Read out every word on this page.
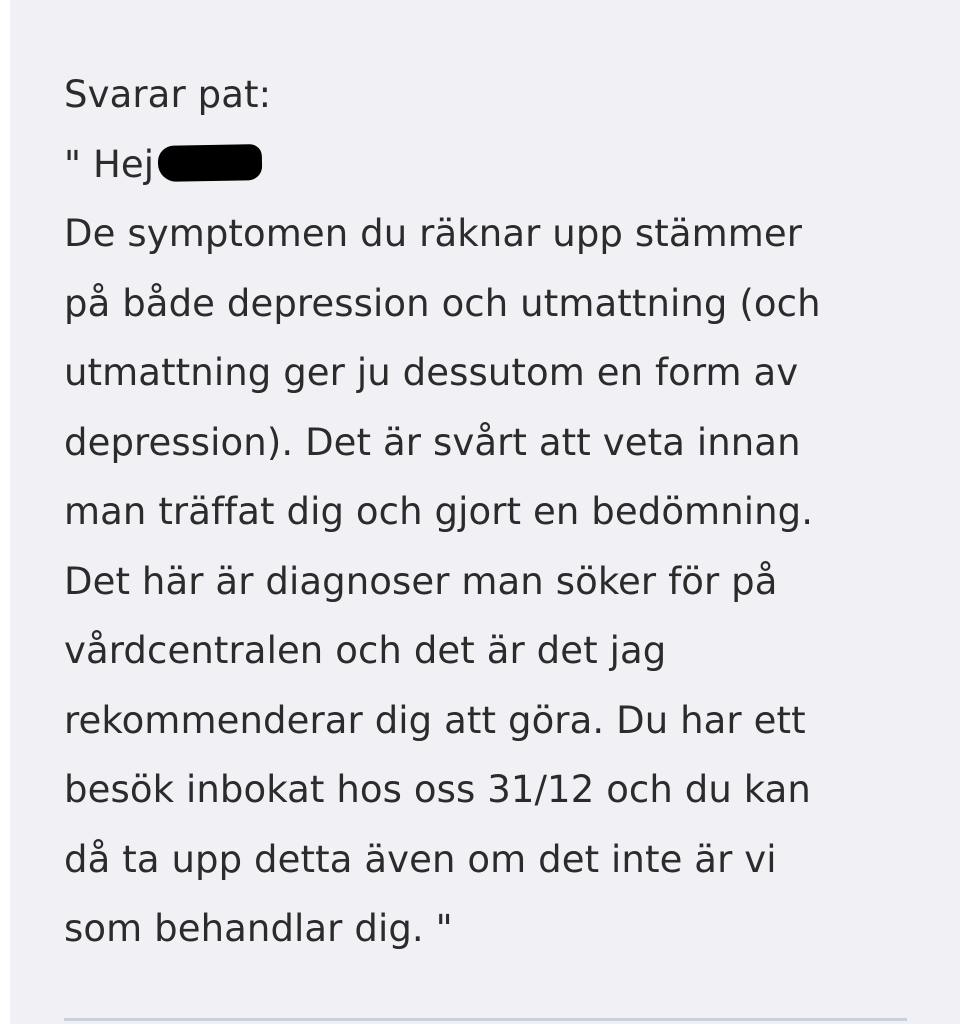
Svarar pat:
" Hej
De symptomen du räknar upp stämmer
på både depression och utmattning (och
utmattning ger ju dessutom en form av
depression). Det är svårt att veta innan
man träffat dig och gjort en bedömning.
Det här är diagnoser man söker för på
vårdcentralen och det är det jag
rekommenderar dig att göra. Du har ett
besök inbokat hos oss 31/12 och du kan
då ta upp detta även om det inte är vi
som behandlar dig. "
